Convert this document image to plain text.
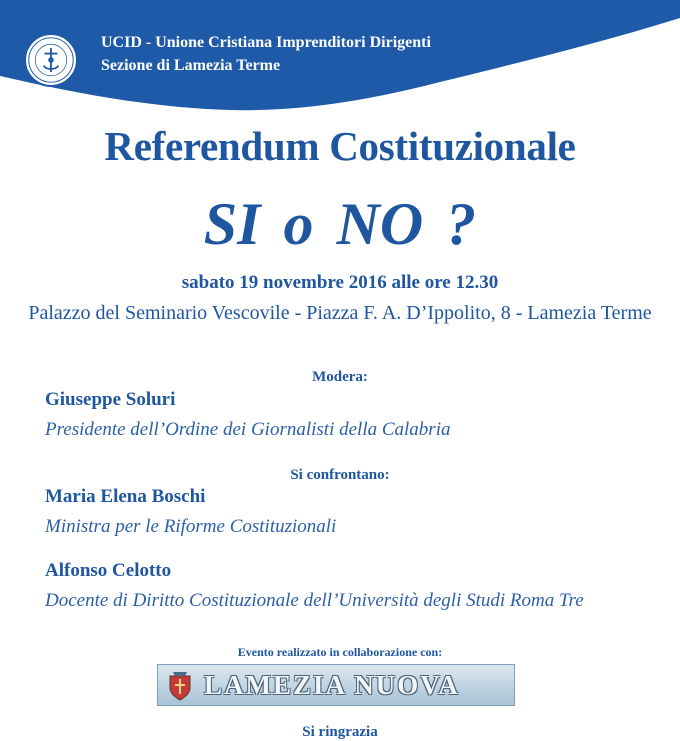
UCID - Unione Cristiana Imprenditori Dirigenti
Sezione di Lamezia Terme
Referendum Costituzionale
SI o NO ?
sabato 19 novembre 2016 alle ore 12.30
Palazzo del Seminario Vescovile - Piazza F. A. D’Ippolito, 8 - Lamezia Terme
Modera:
Giuseppe Soluri
Presidente dell’Ordine dei Giornalisti della Calabria
Si confrontano:
Maria Elena Boschi
Ministra per le Riforme Costituzionali
Alfonso Celotto
Docente di Diritto Costituzionale dell’Università degli Studi Roma Tre
Evento realizzato in collaborazione con:
LAMEZIA NUOVA
Si ringrazia
